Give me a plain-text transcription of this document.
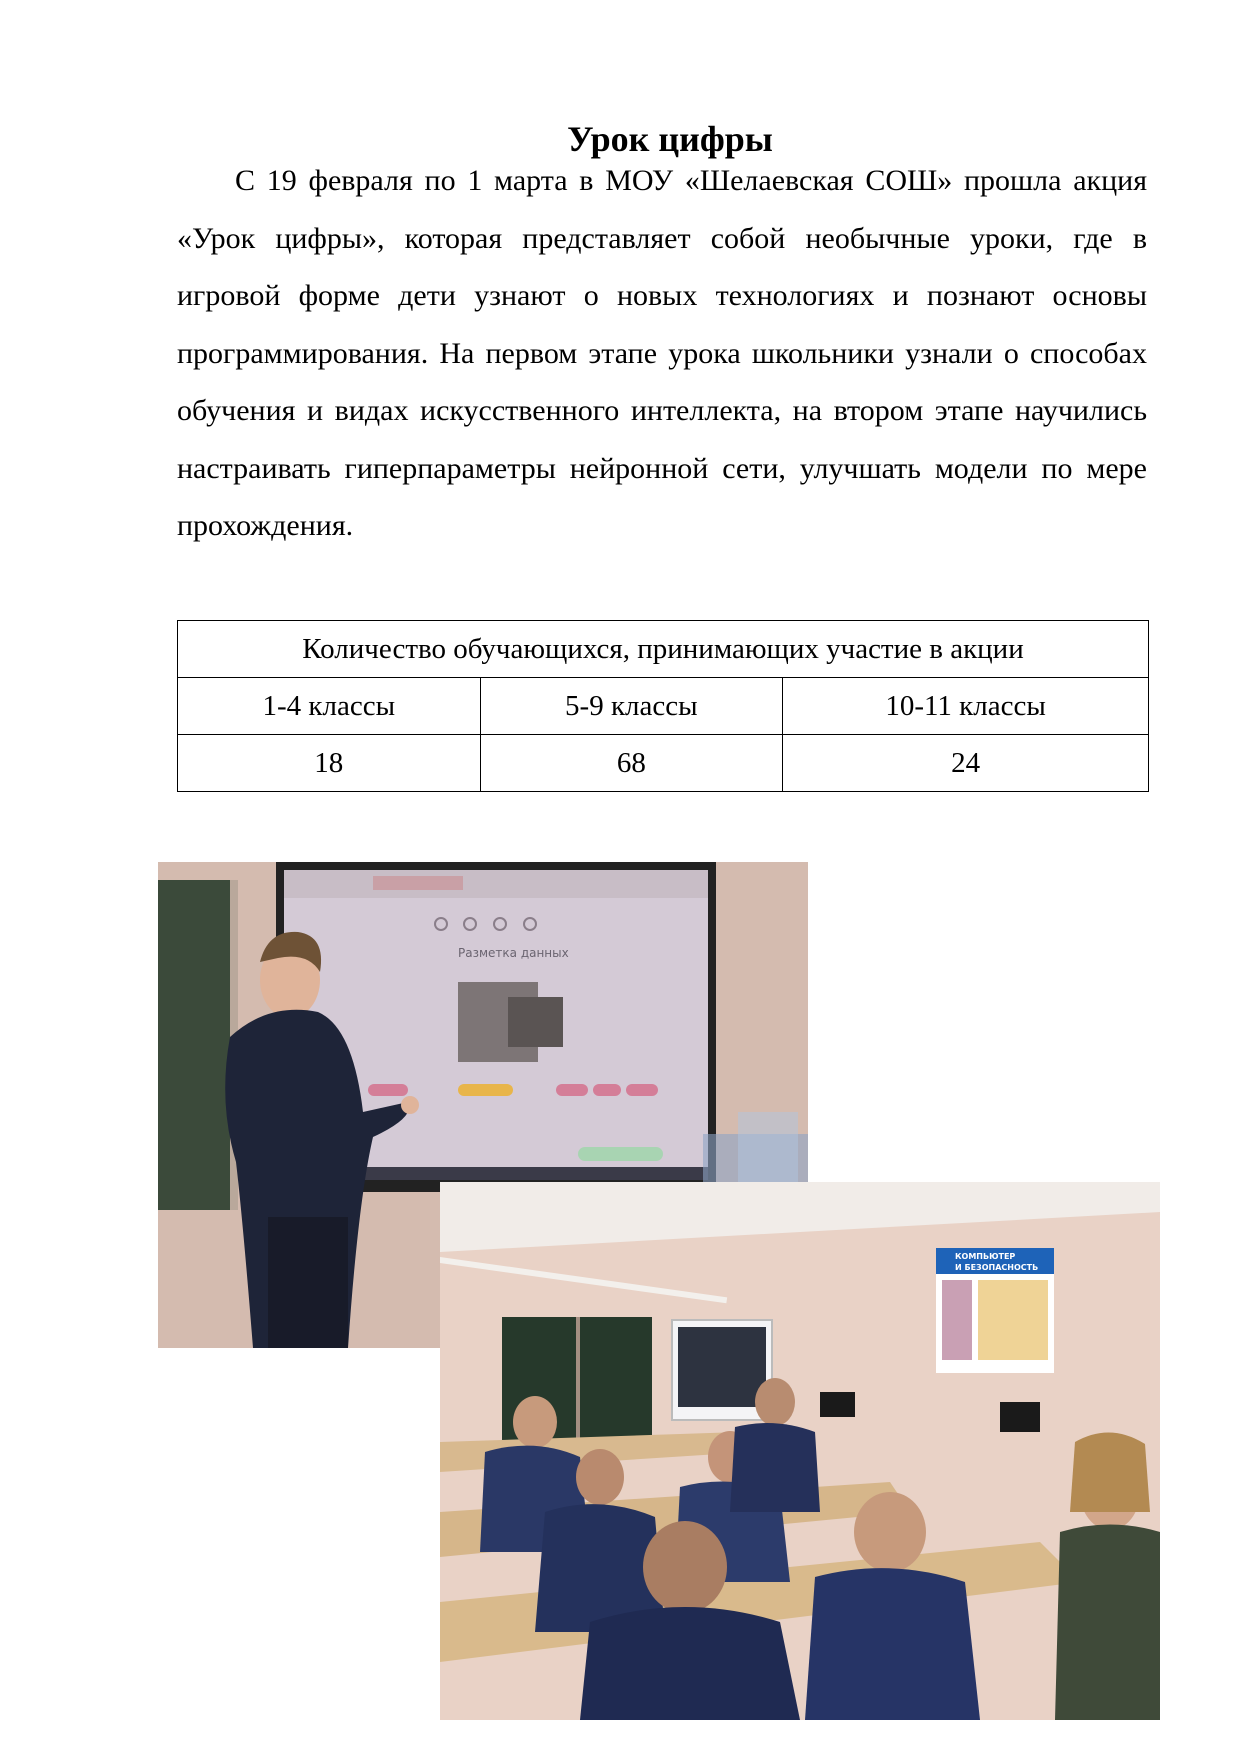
Урок цифры

С 19 февраля по 1 марта в МОУ «Шелаевская СОШ» прошла акция «Урок цифры», которая представляет собой необычные уроки, где в игровой форме дети узнают о новых технологиях и познают основы программирования. На первом этапе урока школьники узнали о способах обучения и видах искусственного интеллекта, на втором этапе научились настраивать гиперпараметры нейронной сети, улучшать модели по мере прохождения.

Количество обучающихся, принимающих участие в акции		
1-4 классы	5-9 классы	10-11 классы
18	68	24
Разметка данных
КОМПЬЮТЕР
И БЕЗОПАСНОСТЬ
